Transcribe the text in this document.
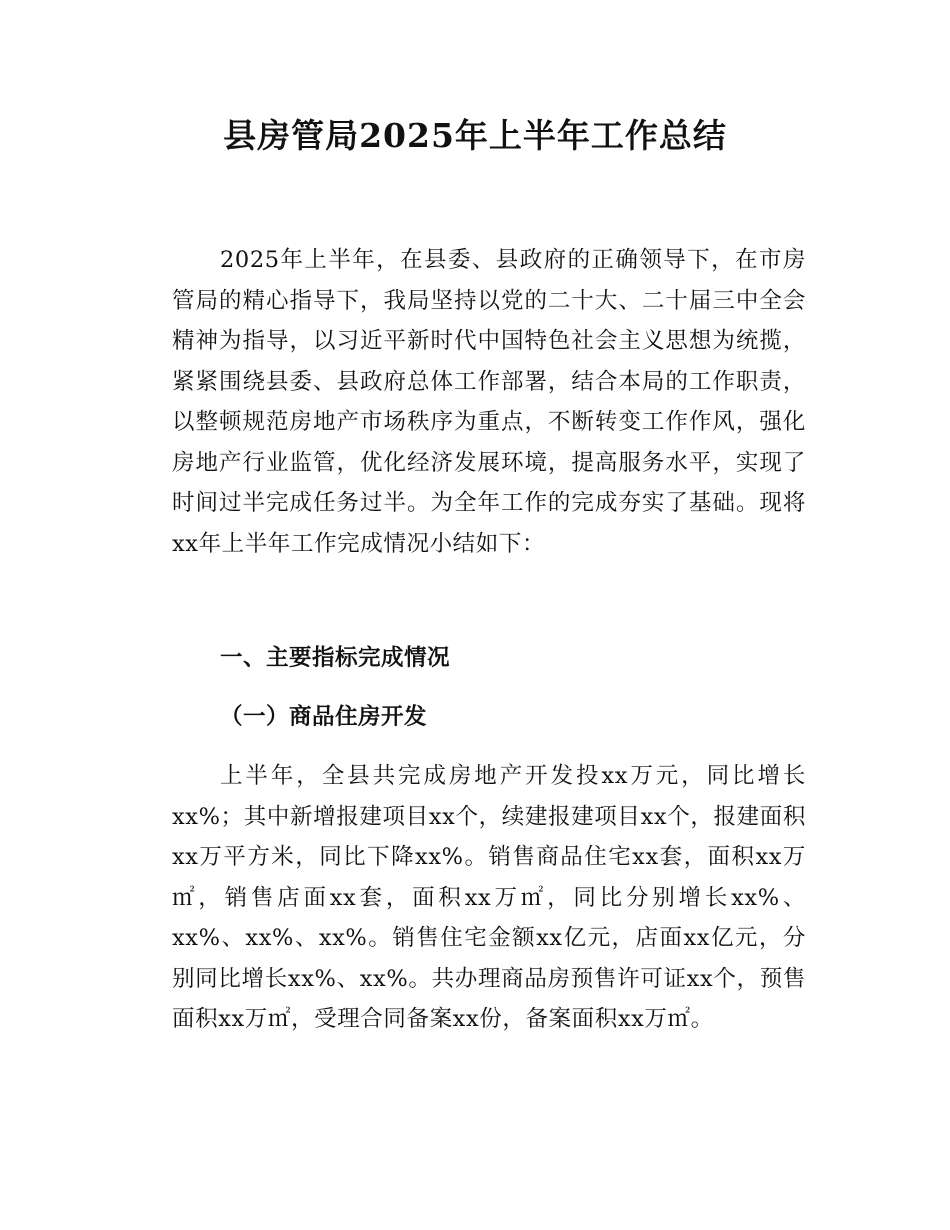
县房管局2025年上半年工作总结

2025年上半年，在县委、县政府的正确领导下，在市房管局的精心指导下，我局坚持以党的二十大、二十届三中全会精神为指导，以习近平新时代中国特色社会主义思想为统揽，紧紧围绕县委、县政府总体工作部署，结合本局的工作职责，以整顿规范房地产市场秩序为重点，不断转变工作作风，强化房地产行业监管，优化经济发展环境，提高服务水平，实现了时间过半完成任务过半。为全年工作的完成夯实了基础。现将xx年上半年工作完成情况小结如下：

一、主要指标完成情况
（一）商品住房开发

上半年，全县共完成房地产开发投xx万元，同比增长xx%；其中新增报建项目xx个，续建报建项目xx个，报建面积xx万平方米，同比下降xx%。销售商品住宅xx套，面积xx万㎡，销售店面xx套，面积xx万㎡，同比分别增长xx%、xx%、xx%、xx%。销售住宅金额xx亿元，店面xx亿元，分别同比增长xx%、xx%。共办理商品房预售许可证xx个，预售面积xx万㎡，受理合同备案xx份，备案面积xx万㎡。
